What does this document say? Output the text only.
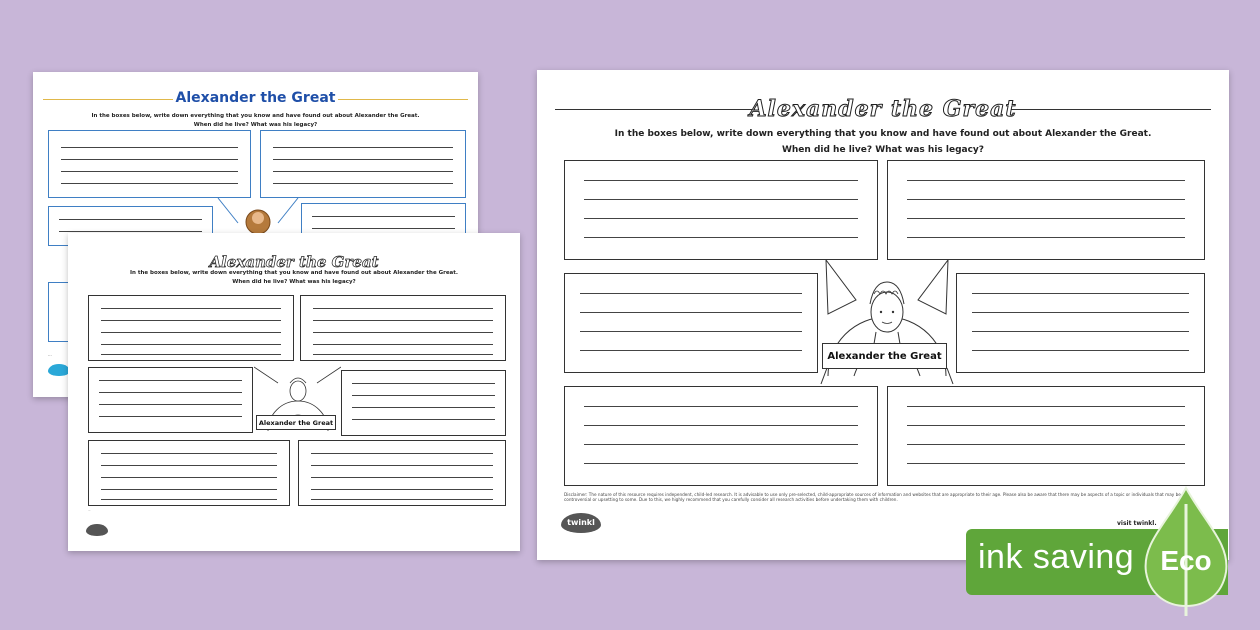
Alexander the Great
In the boxes below, write down everything that you know and have found out about Alexander the Great.
When did he live? What was his legacy?
...
Alexander the Great
In the boxes below, write down everything that you know and have found out about Alexander the Great.
When did he live? What was his legacy?
Alexander the Great
...
Alexander the Great
In the boxes below, write down everything that you know and have found out about Alexander the Great.
When did he live? What was his legacy?
Alexander the Great
Disclaimer: The nature of this resource requires independent, child-led research. It is advisable to use only pre-selected, child-appropriate sources of information and websites that are appropriate to their age. Please also be aware that there may be aspects of a topic or individuals that may be controversial or upsetting to some. Due to this, we highly recommend that you carefully consider all research activities before undertaking them with children.
twinkl	visit twinkl.
ink saving Eco
